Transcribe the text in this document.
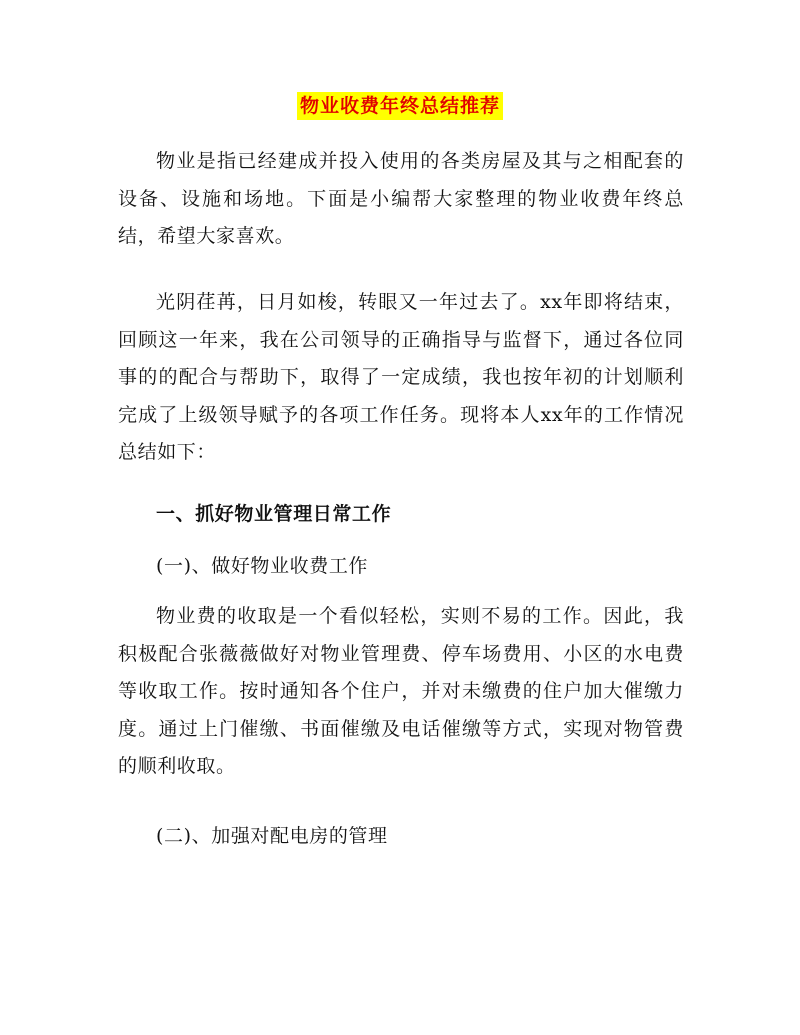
物业收费年终总结推荐

物业是指已经建成并投入使用的各类房屋及其与之相配套的设备、设施和场地。下面是小编帮大家整理的物业收费年终总结，希望大家喜欢。

光阴荏苒，日月如梭，转眼又一年过去了。xx年即将结束，回顾这一年来，我在公司领导的正确指导与监督下，通过各位同事的的配合与帮助下，取得了一定成绩，我也按年初的计划顺利完成了上级领导赋予的各项工作任务。现将本人xx年的工作情况总结如下：

一、抓好物业管理日常工作

(一)、做好物业收费工作

物业费的收取是一个看似轻松，实则不易的工作。因此，我积极配合张薇薇做好对物业管理费、停车场费用、小区的水电费等收取工作。按时通知各个住户，并对未缴费的住户加大催缴力度。通过上门催缴、书面催缴及电话催缴等方式，实现对物管费的顺利收取。

(二)、加强对配电房的管理
